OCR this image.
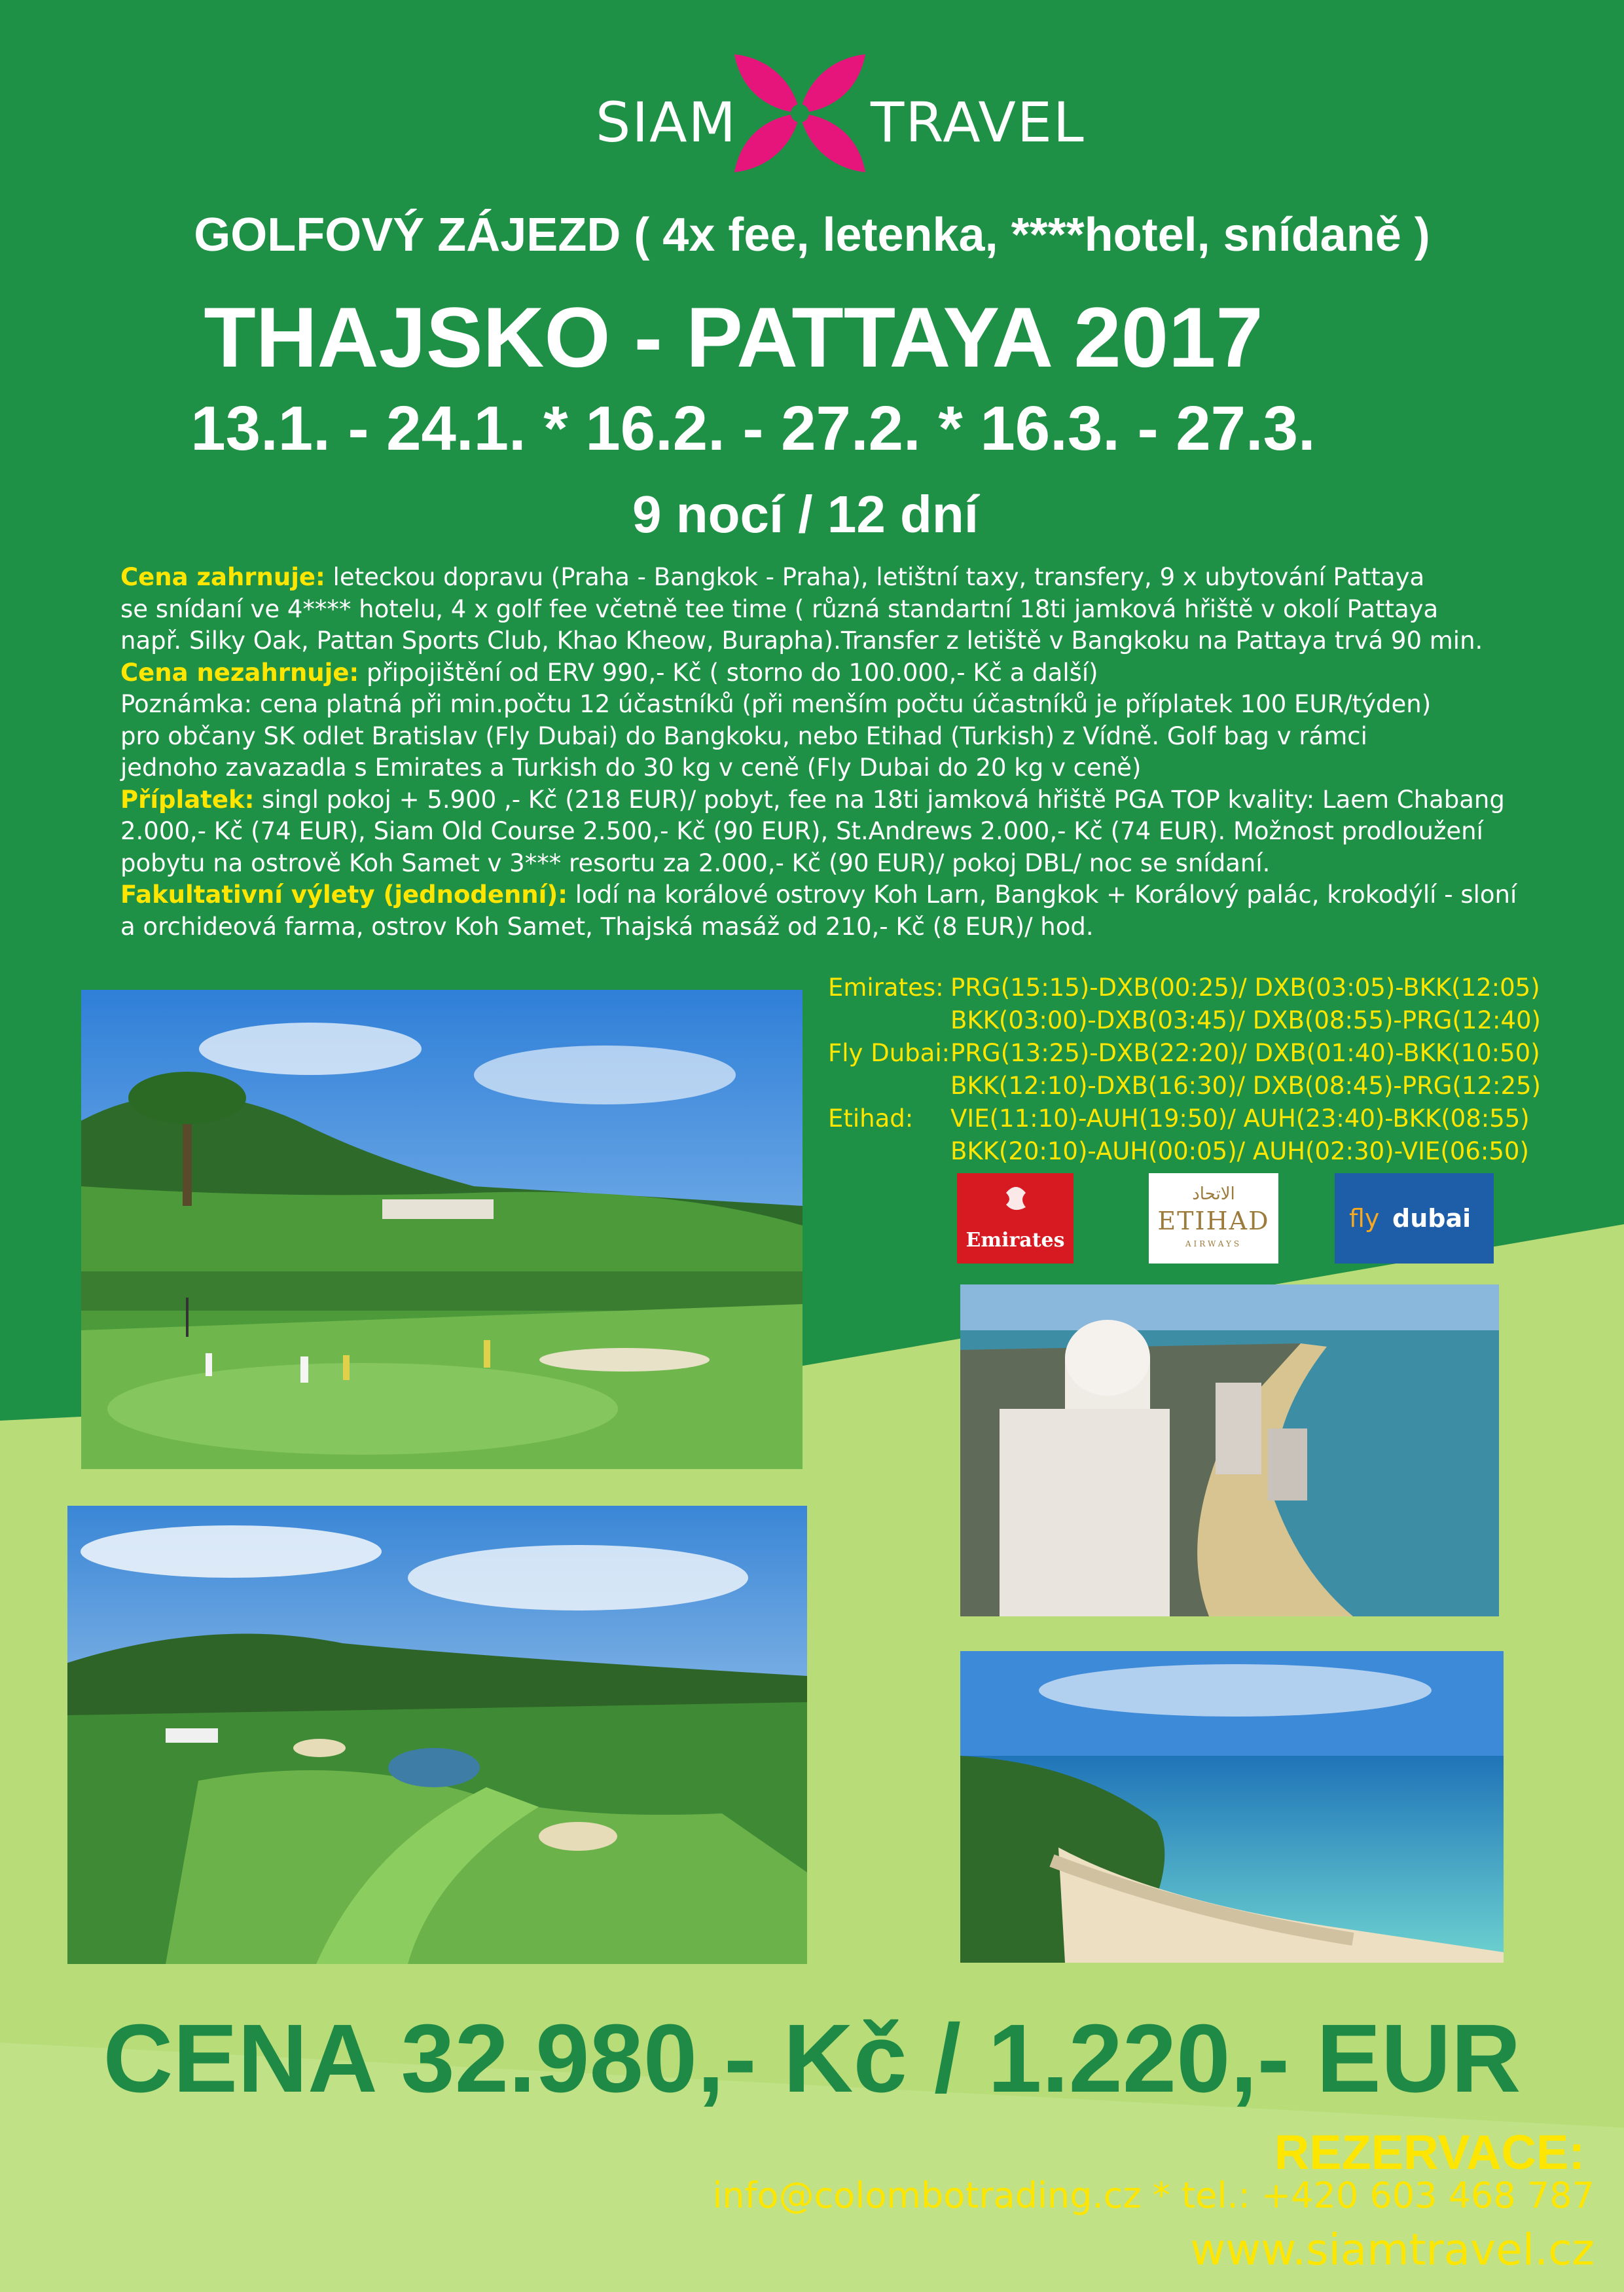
SIAM TRAVEL
GOLFOVÝ ZÁJEZD ( 4x fee, letenka, ****hotel, snídaně )
THAJSKO - PATTAYA 2017
13.1. - 24.1. * 16.2. - 27.2. * 16.3. - 27.3.
9 nocí / 12 dní

Cena zahrnuje: leteckou dopravu (Praha - Bangkok - Praha), letištní taxy, transfery, 9 x ubytování Pattaya

se snídaní ve 4**** hotelu, 4 x golf fee včetně tee time ( různá standartní 18ti jamková hřiště v okolí Pattaya

např. Silky Oak, Pattan Sports Club, Khao Kheow, Burapha).Transfer z letiště v Bangkoku na Pattaya trvá 90 min.

Cena nezahrnuje: připojištění od ERV 990,- Kč ( storno do 100.000,- Kč a další)

Poznámka: cena platná při min.počtu 12 účastníků (při menším počtu účastníků je příplatek 100 EUR/týden)

pro občany SK odlet Bratislav (Fly Dubai) do Bangkoku, nebo Etihad (Turkish) z Vídně. Golf bag v rámci

jednoho zavazadla s Emirates a Turkish do 30 kg v ceně (Fly Dubai do 20 kg v ceně)

Příplatek: singl pokoj + 5.900 ,- Kč (218 EUR)/ pobyt, fee na 18ti jamková hřiště PGA TOP kvality: Laem Chabang

2.000,- Kč (74 EUR), Siam Old Course 2.500,- Kč (90 EUR), St.Andrews 2.000,- Kč (74 EUR). Možnost prodloužení

pobytu na ostrově Koh Samet v 3*** resortu za 2.000,- Kč (90 EUR)/ pokoj DBL/ noc se snídaní.

Fakultativní výlety (jednodenní): lodí na korálové ostrovy Koh Larn, Bangkok + Korálový palác, krokodýlí - sloní

a orchideová farma, ostrov Koh Samet, Thajská masáž od 210,- Kč (8 EUR)/ hod.

Emirates: PRG(15:15)-DXB(00:25)/ DXB(03:05)-BKK(12:05)
BKK(03:00)-DXB(03:45)/ DXB(08:55)-PRG(12:40)
Fly Dubai: PRG(13:25)-DXB(22:20)/ DXB(01:40)-BKK(10:50)
BKK(12:10)-DXB(16:30)/ DXB(08:45)-PRG(12:25)
Etihad:	VIE(11:10)-AUH(19:50)/ AUH(23:40)-BKK(08:55)
BKK(20:10)-AUH(00:05)/ AUH(02:30)-VIE(06:50)
Emirates
الاتحاد
ETIHAD
AIRWAYS
fly dubai
CENA 32.980,- Kč / 1.220,- EUR
REZERVACE:
info@colombotrading.cz * tel.: +420 603 468 787
www.siamtravel.cz
